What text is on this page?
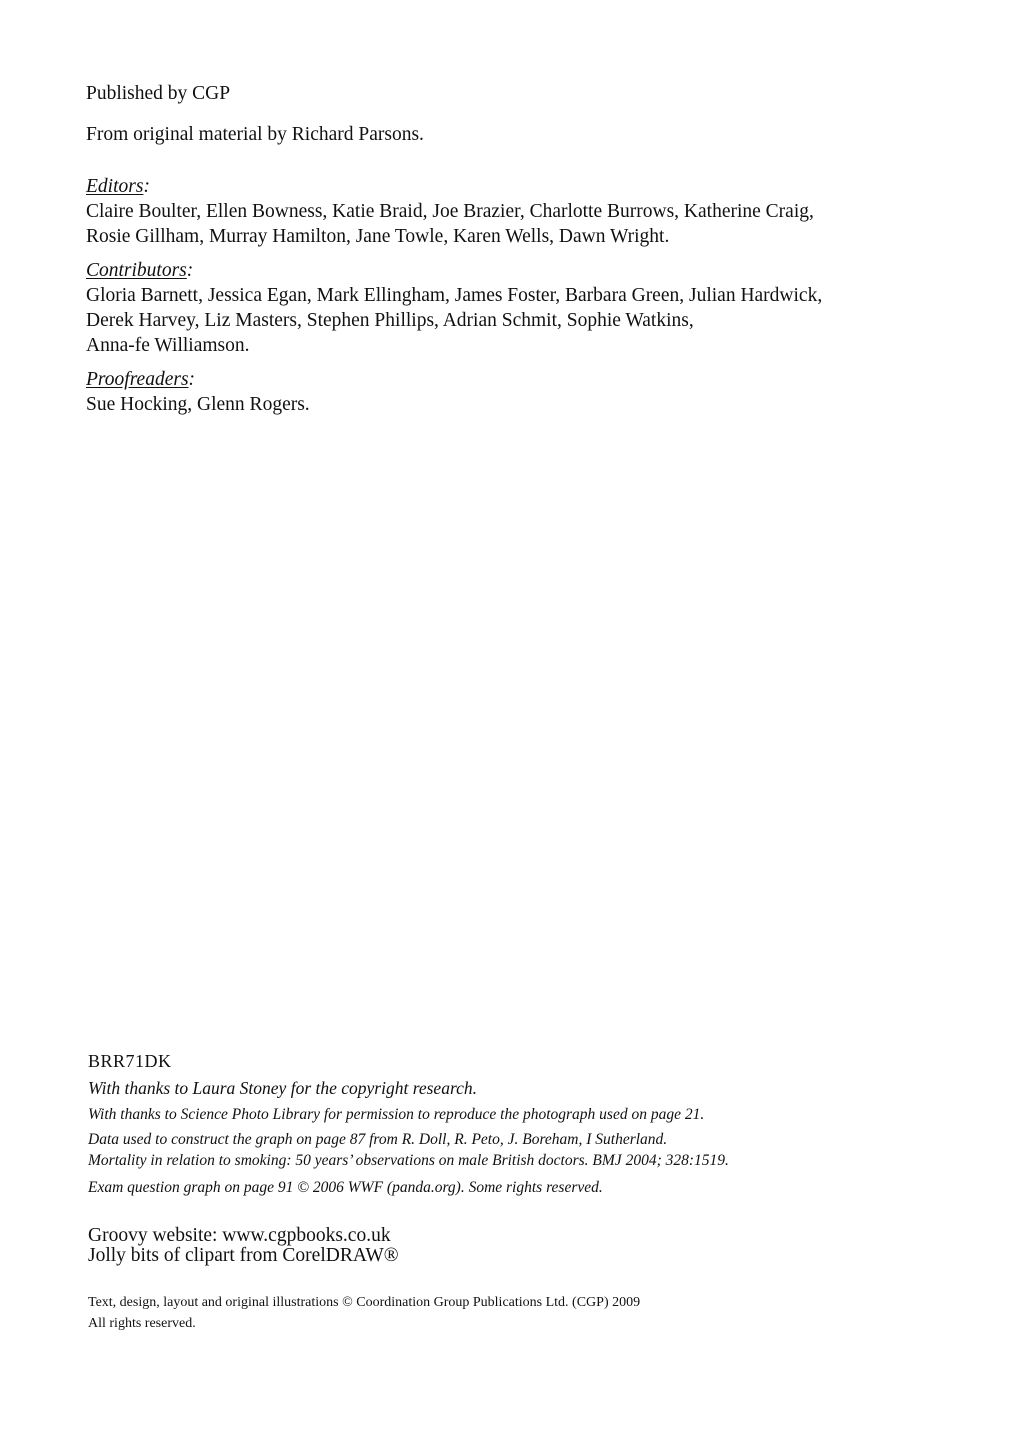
Published by CGP
From original material by Richard Parsons.
Editors:
Claire Boulter, Ellen Bowness, Katie Braid, Joe Brazier, Charlotte Burrows, Katherine Craig,
Rosie Gillham, Murray Hamilton, Jane Towle, Karen Wells, Dawn Wright.
Contributors:
Gloria Barnett, Jessica Egan, Mark Ellingham, James Foster, Barbara Green, Julian Hardwick,
Derek Harvey, Liz Masters, Stephen Phillips, Adrian Schmit, Sophie Watkins,
Anna-fe Williamson.
Proofreaders:
Sue Hocking, Glenn Rogers.
BRR71DK
With thanks to Laura Stoney for the copyright research.
With thanks to Science Photo Library for permission to reproduce the photograph used on page 21.
Data used to construct the graph on page 87 from R. Doll, R. Peto, J. Boreham, I Sutherland.
Mortality in relation to smoking: 50 years’ observations on male British doctors. BMJ 2004; 328:1519.
Exam question graph on page 91 © 2006 WWF (panda.org). Some rights reserved.
Groovy website: www.cgpbooks.co.uk
Jolly bits of clipart from CorelDRAW®
Text, design, layout and original illustrations © Coordination Group Publications Ltd. (CGP) 2009
All rights reserved.
